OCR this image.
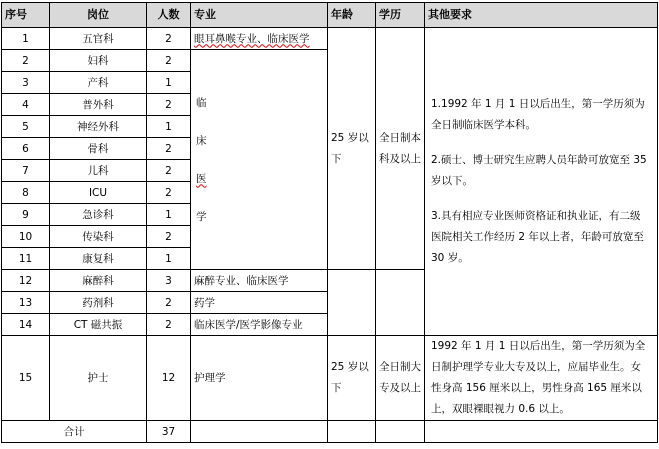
序号	岗位	人数	专业	年龄	学历	其他要求
1	五官科	2	眼耳鼻喉专业、临床医学	25 岁以下	全日制本科及以上	1.1992 年 1 月 1 日以后出生，第一学历须为全日制临床医学本科。

2.硕士、博士研究生应聘人员年龄可放宽至 35 岁以下。

3.具有相应专业医师资格证和执业证，有二级医院相关工作经历 2 年以上者，年龄可放宽至 30 岁。

2	妇科	2	临
床
医
学			

3	产科	1				
4	普外科	2				
5	神经外科	1				
6	骨科	2				
7	儿科	2				
8	ICU	2				
9	急诊科	1				
10	传染科	2				
11	康复科	1				
12	麻醉科	3	麻醉专业、临床医学			
13	药剂科	2	药学			
14	CT 磁共振	2	临床医学/医学影像专业			
15	护士	12	护理学	25 岁以下	全日制大专及以上	1992 年 1 月 1 日以后出生，第一学历须为全日制护理学专业大专及以上，应届毕业生。女性身高 156 厘米以上，男性身高 165 厘米以上，双眼裸眼视力 0.6 以上。
合计		37				
